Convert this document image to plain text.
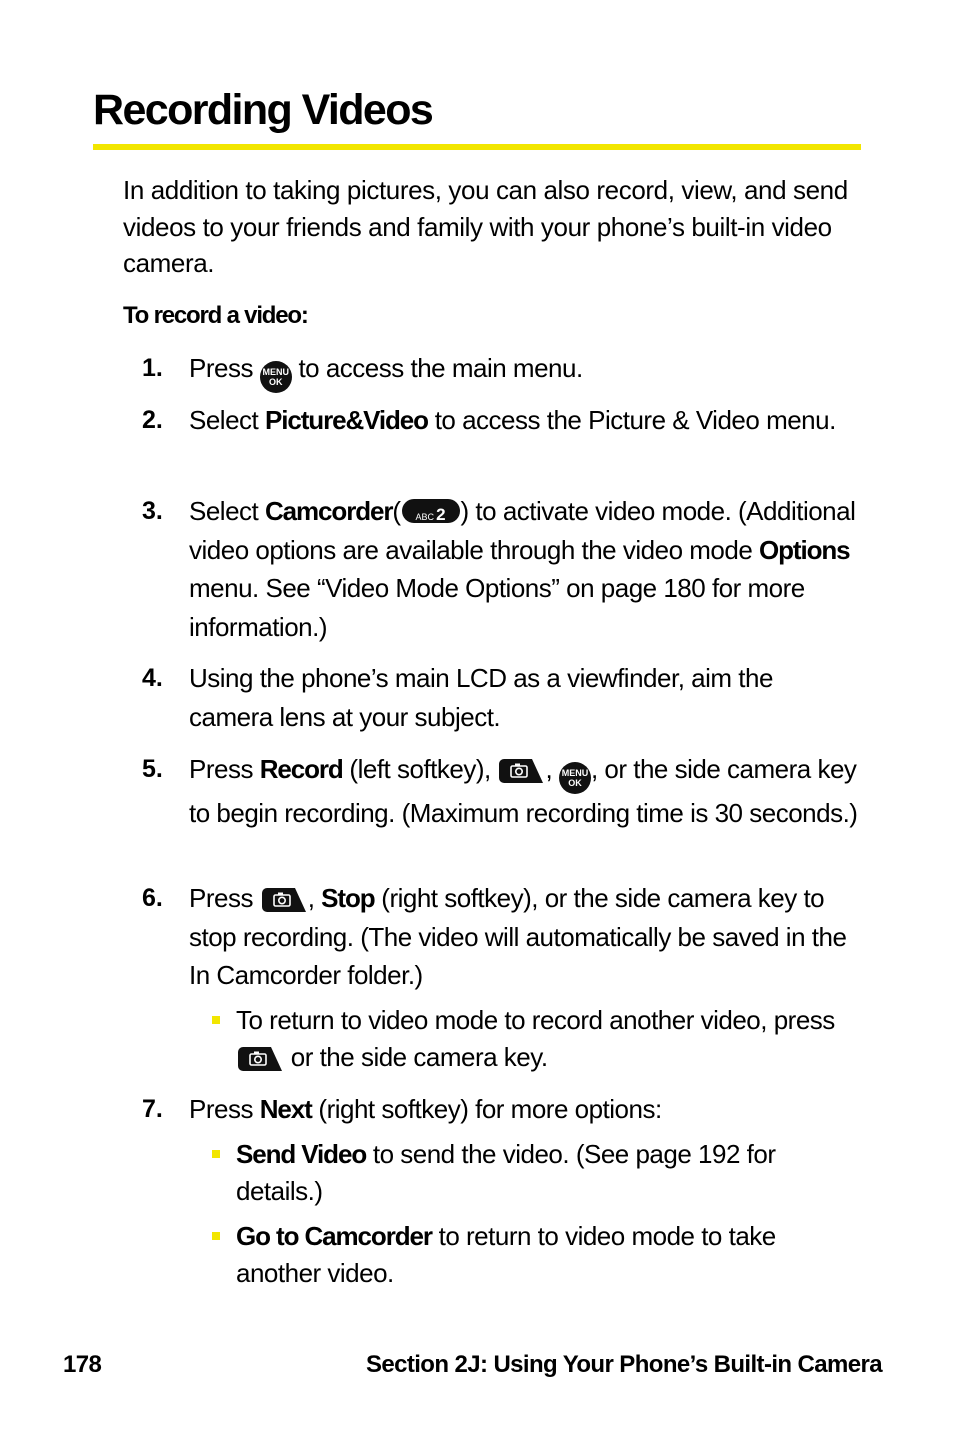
Recording Videos

In addition to taking pictures, you can also record, view, and send videos to your friends and family with your phone’s built-in video camera.

To record a video:

1.	Press	MENU
OK to access the main menu.
2.	Select Picture&Video to access the Picture & Video menu.
3.	Select Camcorder( ABC 2 ) to activate video mode. (Additional video options are available through the video mode Options menu. See “Video Mode Options” on page 180 for more information.)
4.	Using the phone’s main LCD as a viewfinder, aim the camera lens at your subject.
5.	Press Record (left softkey), ,	MENU
OK , or the side camera key to begin recording. (Maximum recording time is 30 seconds.)
6.	Press , Stop (right softkey), or the side camera key to stop recording. (The video will automatically be saved in the In Camcorder folder.)
To return to video mode to record another video, press
or the side camera key.
7.	Press Next (right softkey) for more options:
Send Video to send the video. (See page 192 for details.)
Go to Camcorder to return to video mode to take another video.
178	Section 2J: Using Your Phone’s Built-in Camera
